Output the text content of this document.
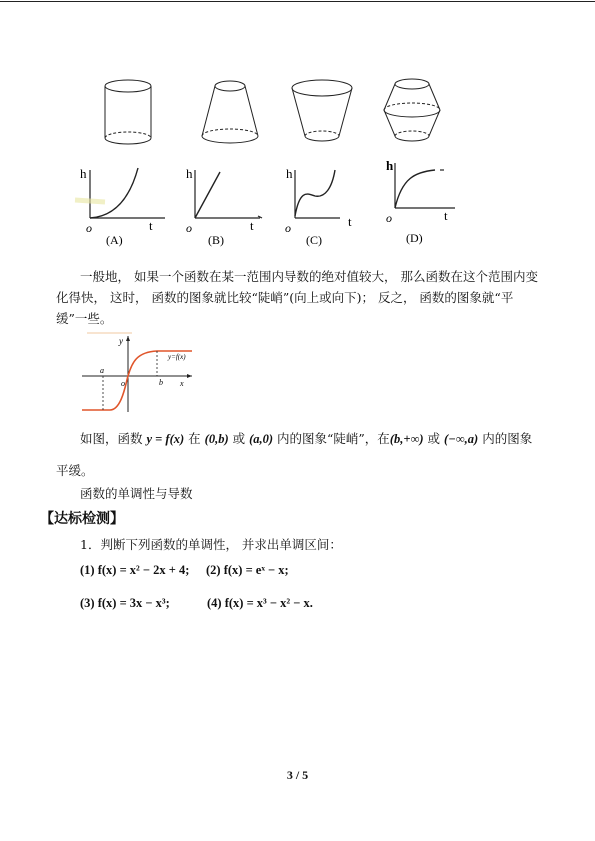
h
o	t
(A)
h
o	t
(B)
h
o	t
(C)
h
o	t
(D)
一般地， 如果一个函数在某一范围内导数的绝对值较大， 那么函数在这个范围内变化得快， 这时， 函数的图象就比较“陡峭”(向上或向下)； 反之， 函数的图象就“平缓”一些。
y
y=f(x)
a
o	b x
如图，函数 y = f(x) 在 (0,b) 或 (a,0) 内的图象“陡峭”，在(b,+∞) 或 (−∞,a) 内的图象
平缓。
函数的单调性与导数
【达标检测】
1．判断下列函数的单调性， 并求出单调区间：
(1) f(x) = x² − 2x + 4; (2) f(x) = eˣ − x;
(3) f(x) = 3x − x³;	(4) f(x) = x³ − x² − x.
3 / 5
